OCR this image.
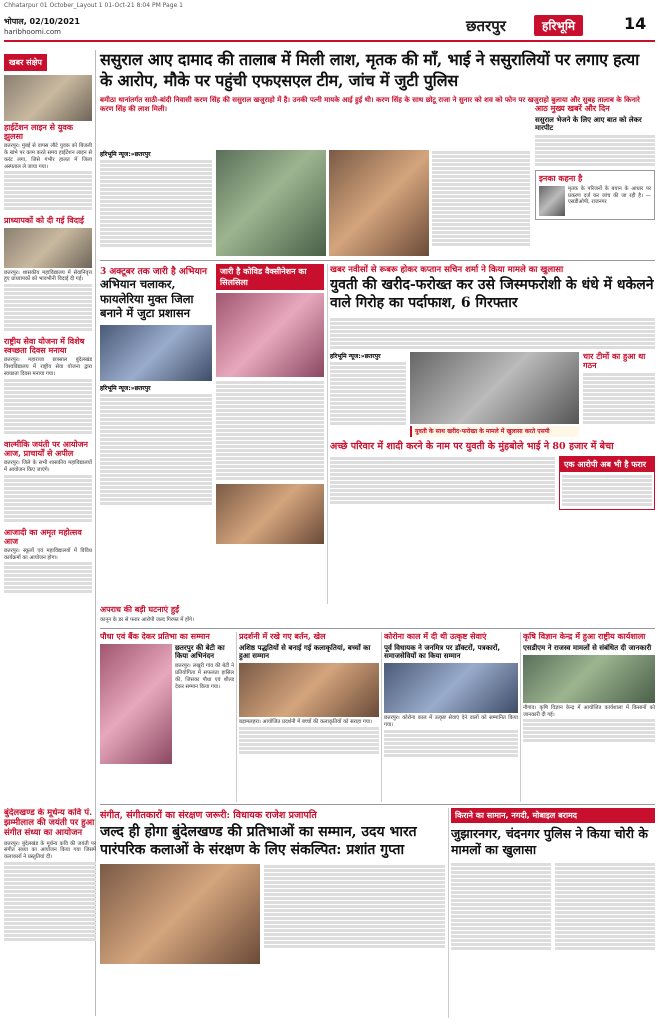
Chhatarpur 01 October_Layout 1 01-Oct-21 8:04 PM Page 1
भोपाल, 02/10/2021
haribhoomi.com	छतरपुर	हरिभूमि	14
खबर संक्षेप
हाईटेंशन लाइन से युवक झुलसा
छतरपुर। मुंबई से वापस लौटे युवक को बिजली के खंभे पर काम करते समय हाईटेंशन लाइन से करंट लगा, जिसे गंभीर हालत में जिला अस्पताल ले जाया गया।
प्राध्यापकों को दी गई विदाई
छतरपुर। शासकीय महाविद्यालय में सेवानिवृत्त हुए प्राध्यापकों को भावभीनी विदाई दी गई।
राष्ट्रीय सेवा योजना में विशेष स्वच्छता दिवस मनाया
छतरपुर। महाराजा छत्रसाल बुंदेलखंड विश्वविद्यालय में राष्ट्रीय सेवा योजना द्वारा स्वच्छता दिवस मनाया गया।
वाल्‍मीकि जयंती पर आयोजन आज, प्राचार्यों से अपील
छतरपुर। जिले के सभी शासकीय महाविद्यालयों में आयोजन किए जाएंगे।
आजादी का अमृत महोत्सव आज
छतरपुर। स्कूलों एवं महाविद्यालयों में विविध कार्यक्रमों का आयोजन होगा।
ससुराल आए दामाद की तालाब में मिली लाश, मृतक की माँ, भाई ने ससुरालियों पर लगाए हत्या के आरोप, मौके पर पहुंची एफएसएल टीम, जांच में जुटी पुलिस
बमीठा थानांतर्गत साठी-बांदी निवासी करण सिंह की ससुराल खजुराहो में है। उनकी पत्नी मायके आई हुई थी। करण सिंह के साथ छोटू राजा ने सुनार को शव को फोन पर खजुराहो बुलाया और सुबह तालाब के किनारे करण सिंह की लाश मिली।
हरिभूमि न्यूज:»छतरपुर
आठ मुख्य खबरें और दिन
ससुराल भेजने के लिए आए बात को लेकर मारपीट
इनका कहना है
मृतक के परिजनों के बयान के आधार पर प्रकरण दर्ज कर जांच की जा रही है। — एसडीओपी, राजनगर
3 अक्टूबर तक जारी है अभियान
अभियान चलाकर, फायलेरिया मुक्त जिला बनाने में जुटा प्रशासन
हरिभूमि न्यूज:»छतरपुर
जारी है कोविड वैक्सीनेशन का सिलसिला
खबर नवीसों से रूबरू होकर कप्तान सचिन शर्मा ने किया मामले का खुलासा
युवती की खरीद-फरोख्त कर उसे जिस्मफरोशी के धंधे में धकेलने वाले गिरोह का पर्दाफाश, 6 गिरफ्तार
हरिभूमि न्यूज:»छतरपुर
युवती के साथ खरीद-फरोख्त के मामले में खुलासा करते एसपी
चार टीमों का हुआ था गठन
अच्छे परिवार में शादी करने के नाम पर युवती के मुंहबोले भाई ने 80 हजार में बेचा
एक आरोपी अब भी है फरार
अपराध की बड़ी घटनाएं हुईं
कानून के डर से फरार आरोपी जल्द गिरफ्त में होंगे।
पौधा एवं बैंक देकर प्रतिभा का सम्मान
छतरपुर की बेटी का किया अभिनंदन
छतरपुर। लखुरी गांव की बेटी ने प्रतियोगिता में सफलता हासिल की, जिसका पौधा एवं शील्ड देकर सम्मान किया गया।
प्रदर्शनी में रखे गए बर्तन, खेल
अशिष्ठ पद्धतियों से बनाई गई कलाकृतियां, बच्चों का हुआ सम्मान
बड़ामलहरा। आयोजित प्रदर्शनी में बच्चों की कलाकृतियों को सराहा गया।
कोरोना काल में दी थी उत्कृष्ट सेवाएं
पूर्व विधायक ने जनमित्र पर डॉक्टरों, पत्रकारों, समाजसेवियों का किया सम्मान
छतरपुर। कोरोना काल में उत्कृष्ट सेवाएं देने वालों को सम्मानित किया गया।
कृषि विज्ञान केन्द्र में हुआ राष्ट्रीय कार्यशाला
एसडीएम ने राजस्व मामलों से संबंधित दी जानकारी
नौगांव। कृषि विज्ञान केन्द्र में आयोजित कार्यशाला में किसानों को जानकारी दी गई।
बुंदेलखण्ड के मूर्धन्य कवि पं. झम्मीलाल की जयंती पर हुआ संगीत संध्या का आयोजन
छतरपुर। बुंदेलखंड के मूर्धन्य कवि की जयंती पर संगीत संध्या का आयोजन किया गया जिसमें कलाकारों ने प्रस्तुतियां दीं।
संगीत, संगीतकारों का संरक्षण जरूरी: विधायक राजेश प्रजापति
जल्द ही होगा बुंदेलखण्ड की प्रतिभाओं का सम्मान, उदय भारत पारंपरिक कलाओं के संरक्षण के लिए संकल्पित: प्रशांत गुप्ता
किराने का सामान, नगदी, मोबाइल बरामद
जुझारनगर, चंदनगर पुलिस ने किया चोरी के मामलों का खुलासा
